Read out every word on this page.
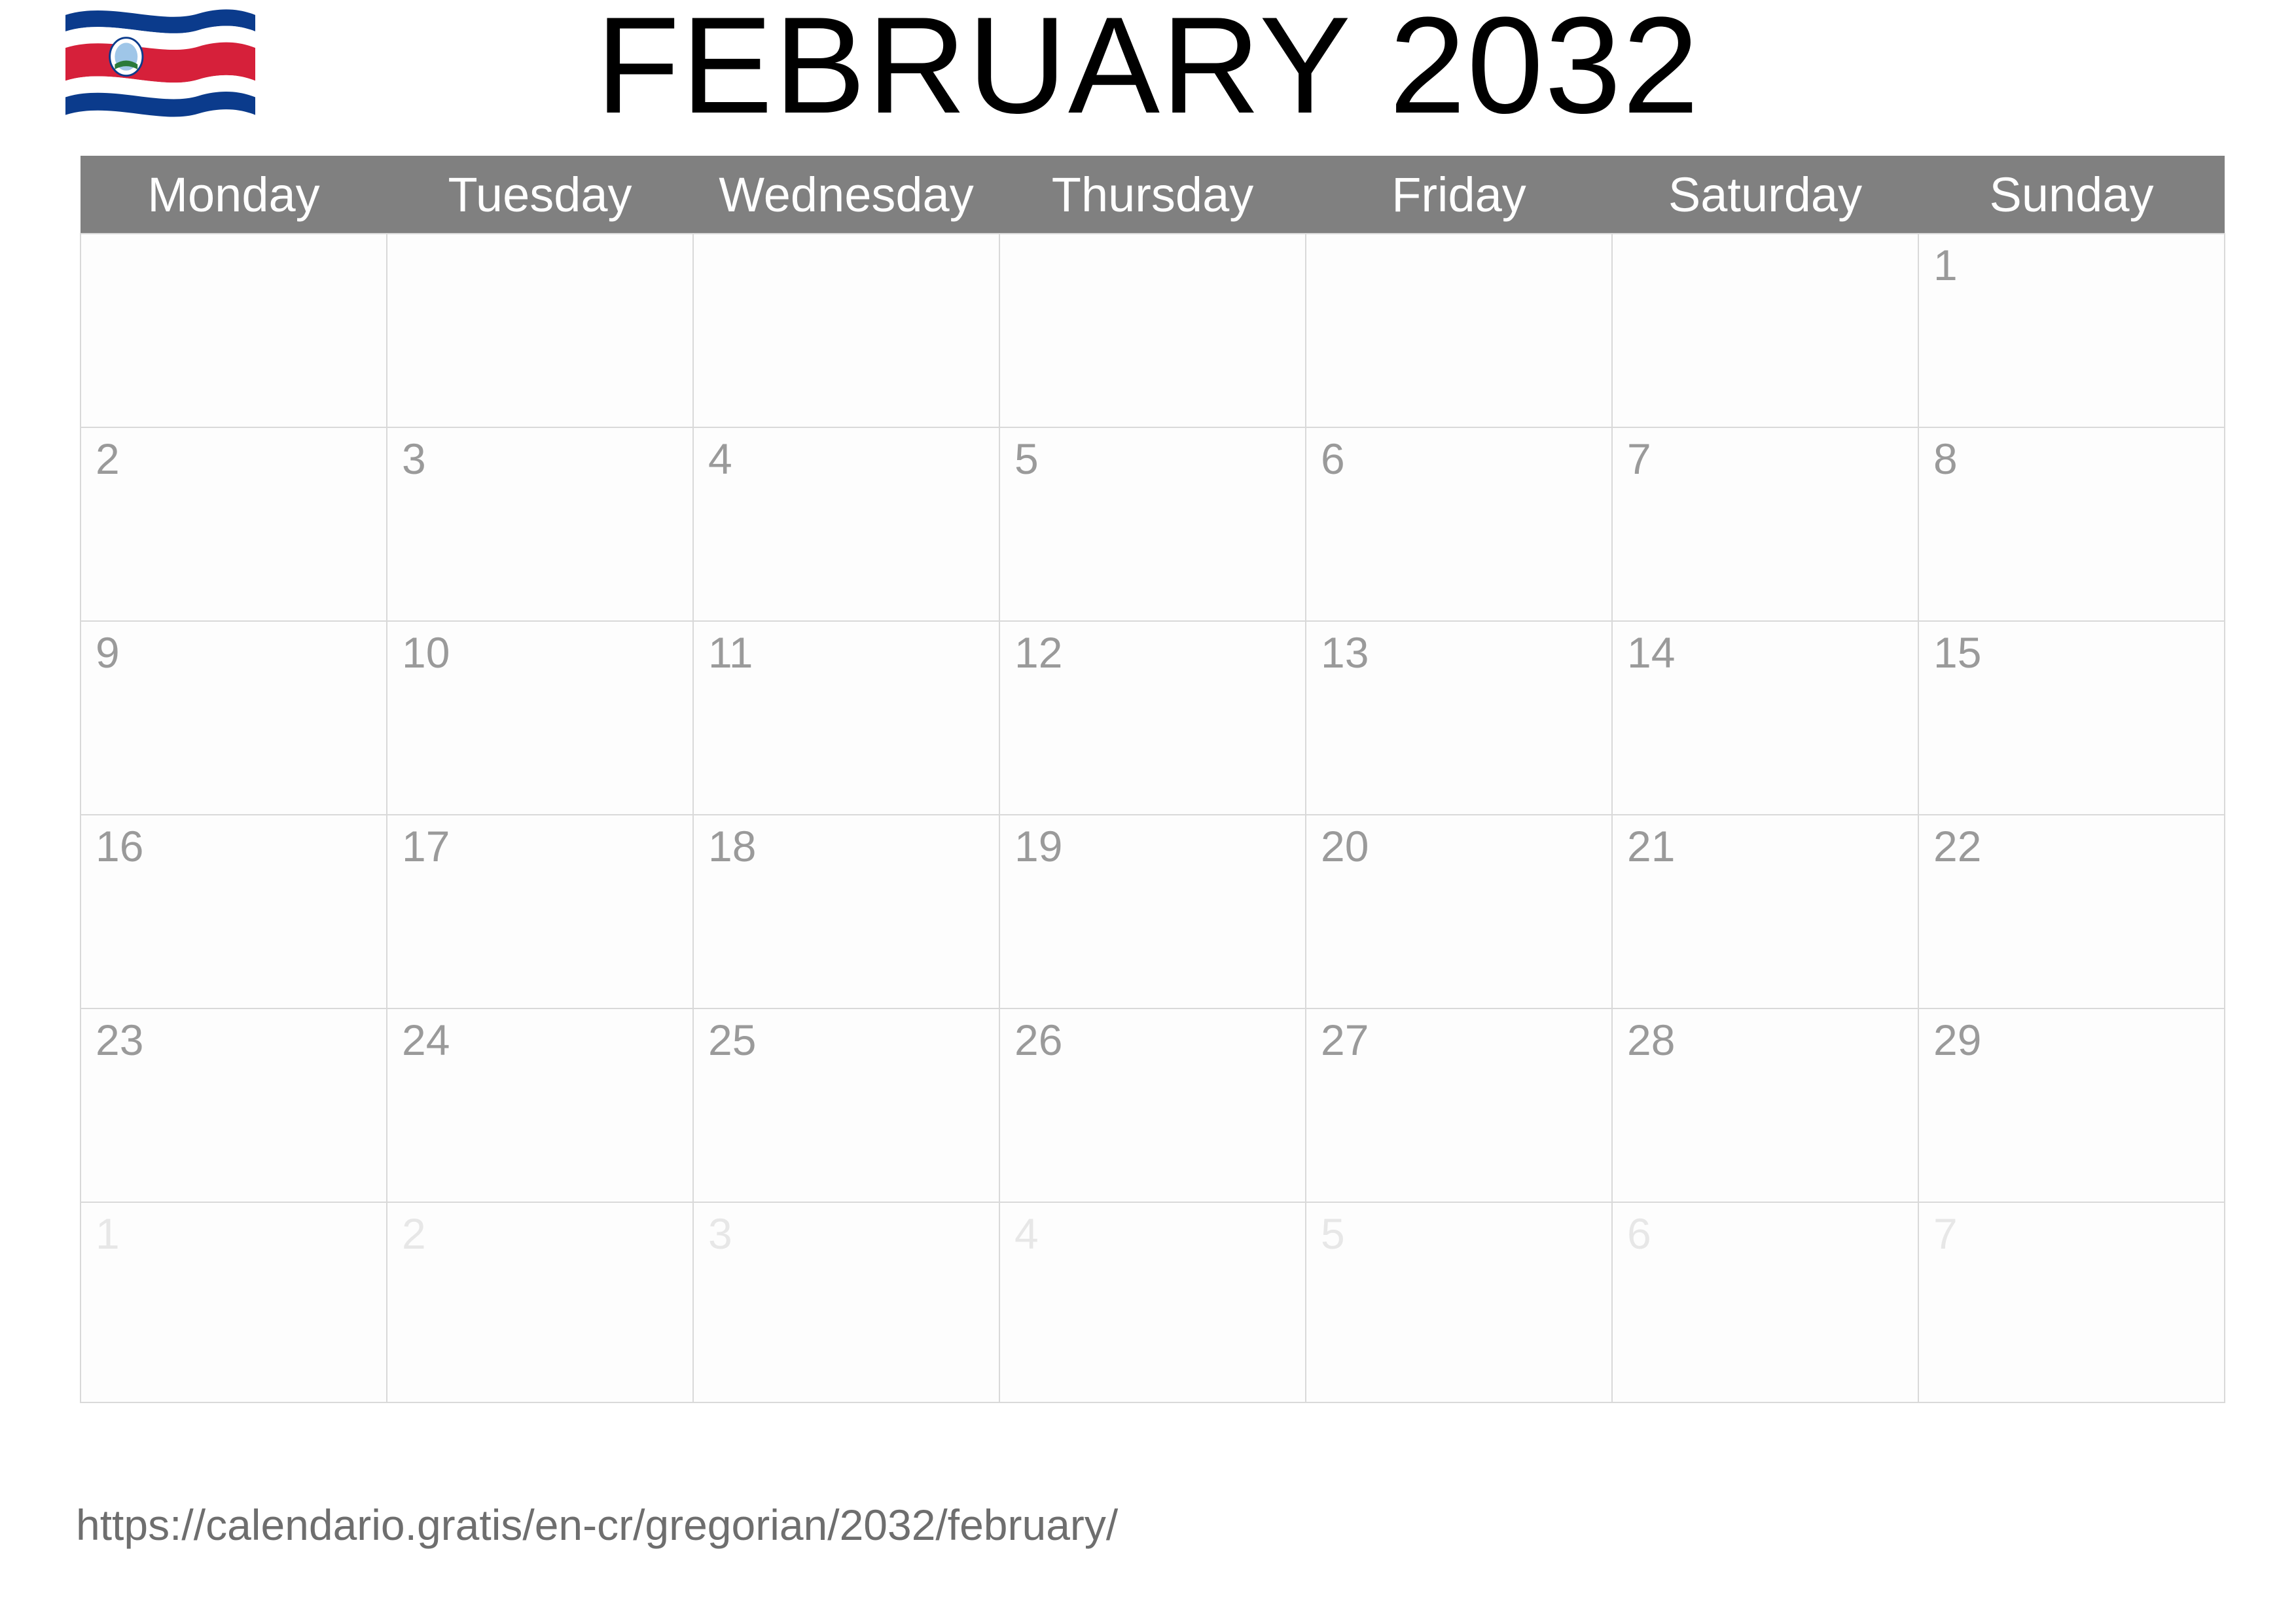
FEBRUARY 2032
Monday	Tuesday	Wednesday	Thursday	Friday	Saturday	Sunday

						1

2	3	4	5	6	7	8

9	10	11	12	13	14	15

16	17	18	19	20	21	22

23	24	25	26	27	28	29

1	2	3	4	5	6	7
https://calendario.gratis/en-cr/gregorian/2032/february/
